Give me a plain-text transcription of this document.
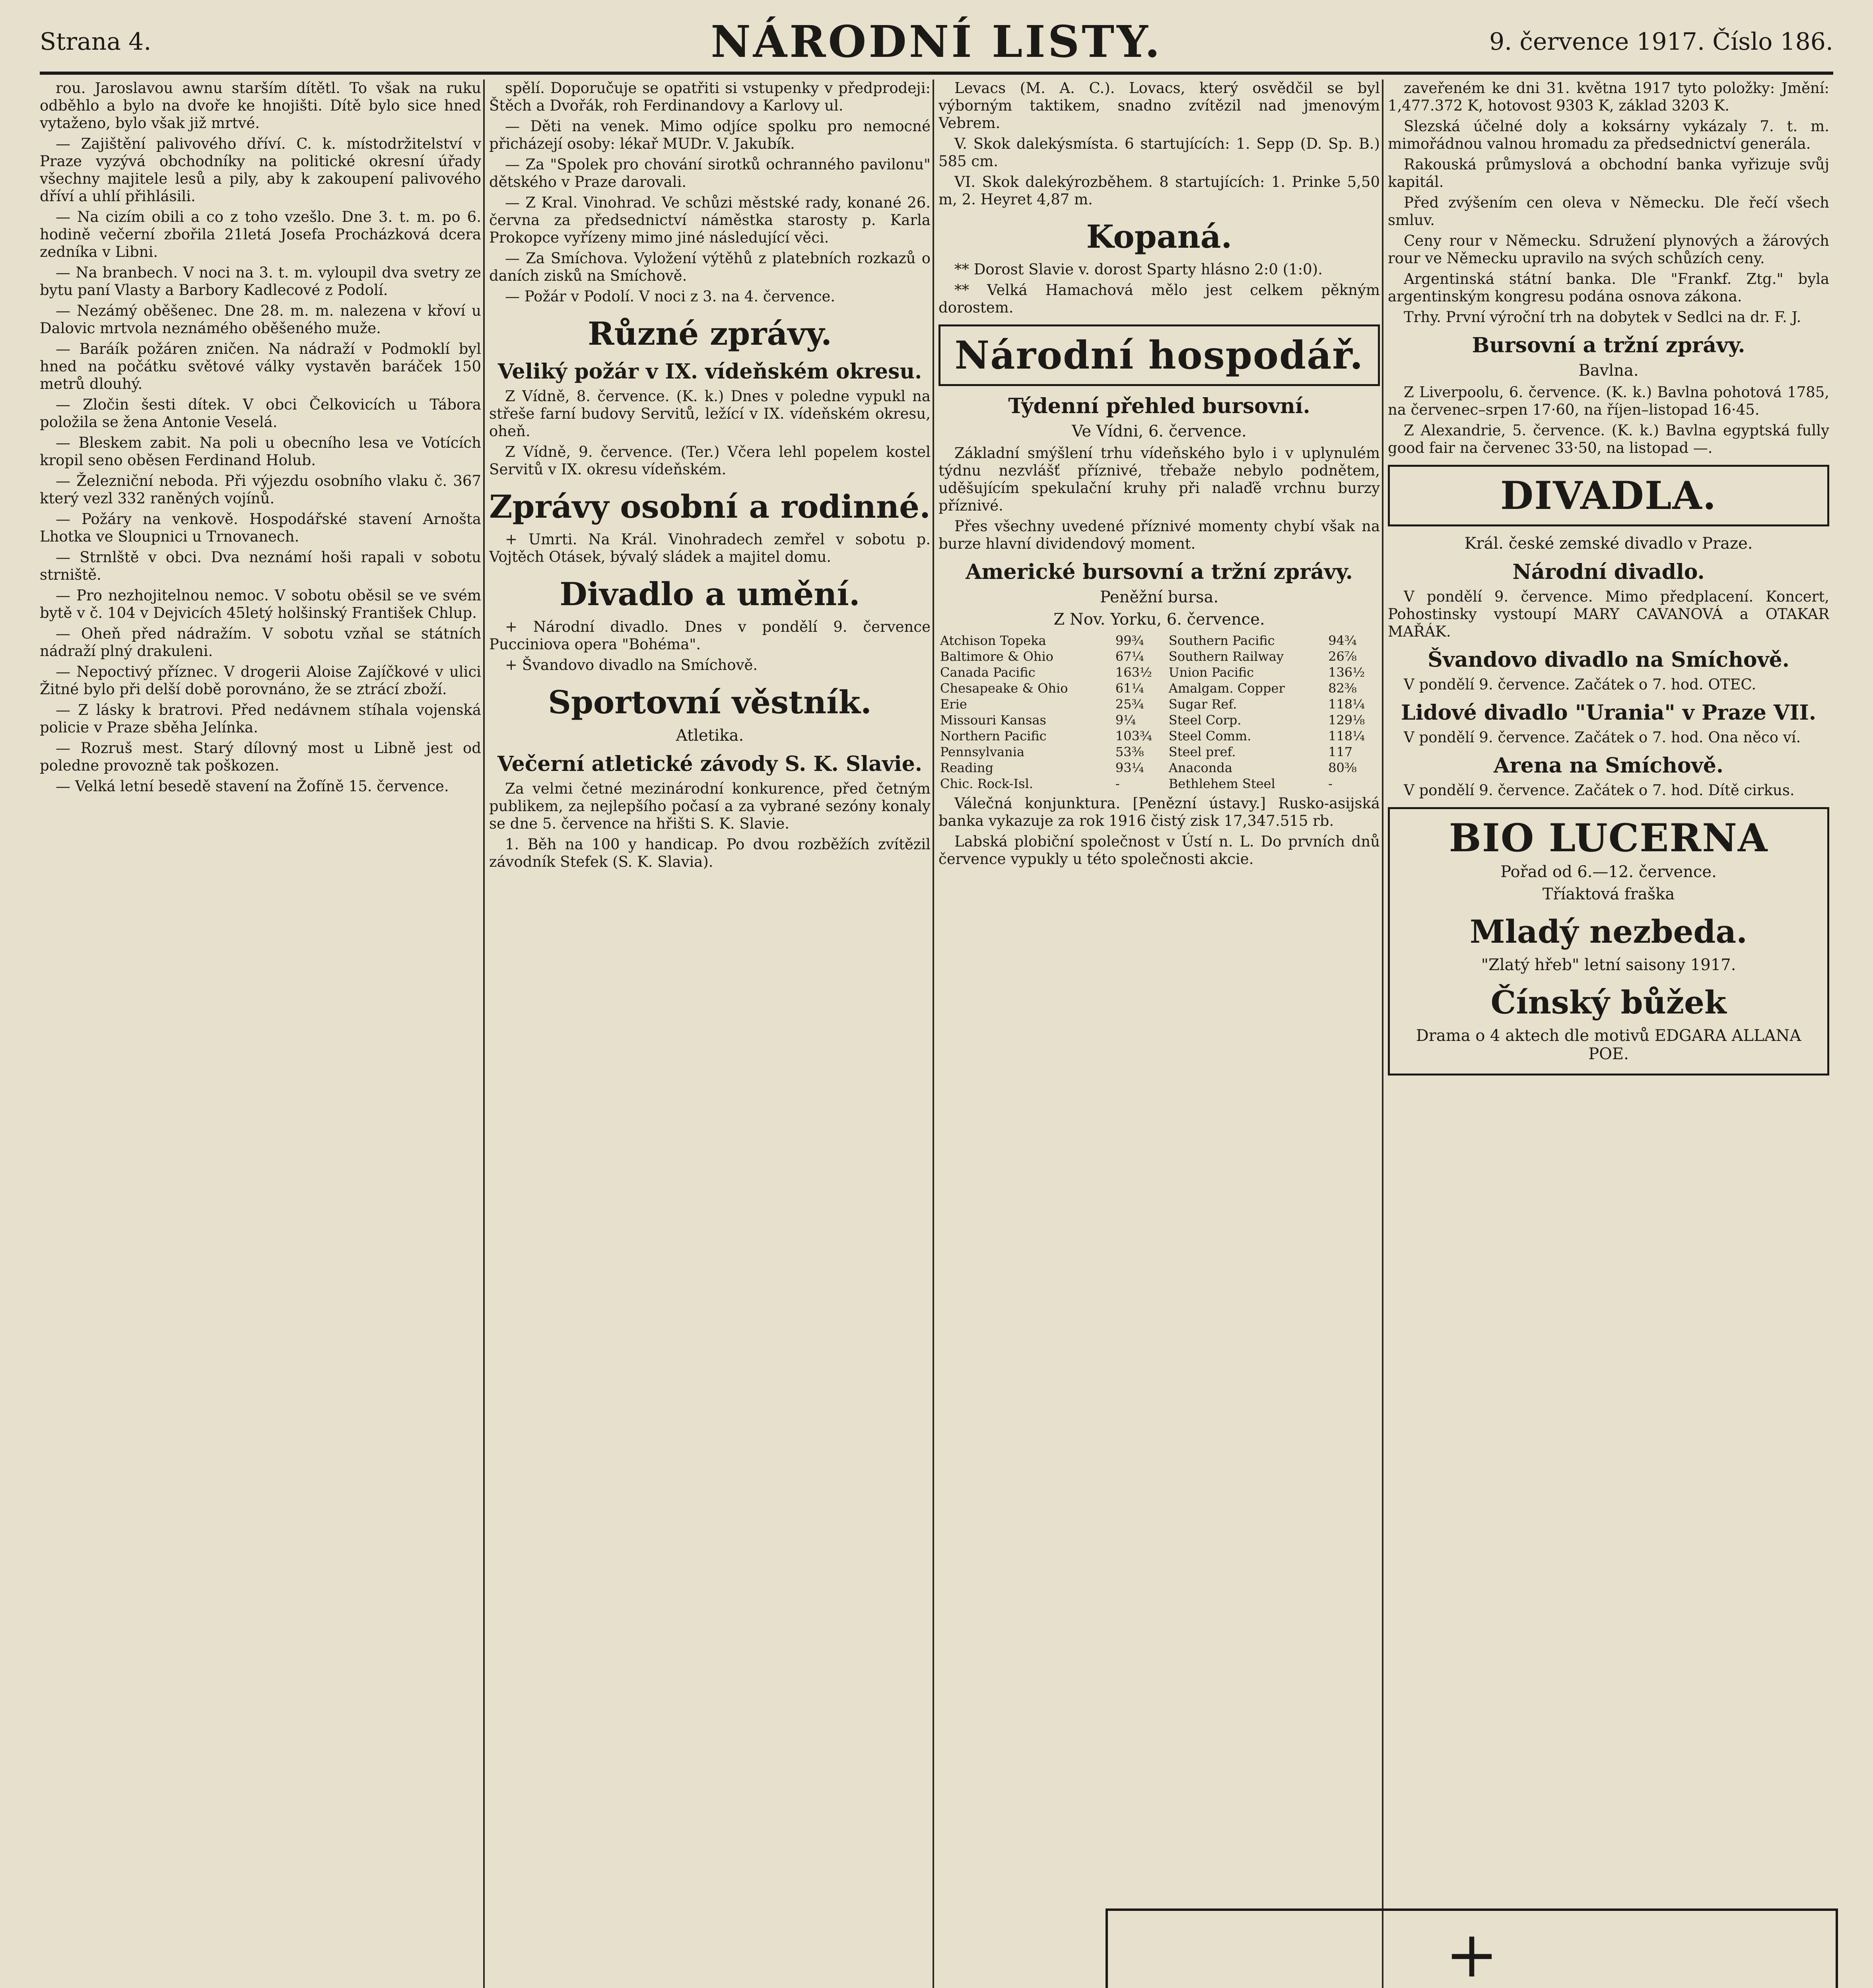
Strana 4.	NÁRODNÍ LISTY.	9. července 1917. Číslo 186.

rou. Jaroslavou awnu starším dítětl. To však na ruku odběhlo a bylo na dvoře ke hnojišti. Dítě bylo sice hned vytaženo, bylo však již mrtvé.

— Zajištění palivového dříví. C. k. místodržitelství v Praze vyzývá obchodníky na politické okresní úřady všechny majitele lesů a pily, aby k zakoupení palivového dříví a uhlí přihlásili.

— Na cizím obili a co z toho vzešlo. Dne 3. t. m. po 6. hodině večerní zbořila 21letá Josefa Procházková dcera zedníka v Libni.

— Na branbech. V noci na 3. t. m. vyloupil dva svetry ze bytu paní Vlasty a Barbory Kadlecové z Podolí.

— Nezámý oběšenec. Dne 28. m. m. nalezena v křoví u Dalovic mrtvola neznámého oběšeného muže.

— Baráík požáren zničen. Na nádraží v Podmoklí byl hned na počátku světové války vystavěn baráček 150 metrů dlouhý.

— Zločin šesti dítek. V obci Čelkovicích u Tábora položila se žena Antonie Veselá.

— Bleskem zabit. Na poli u obecního lesa ve Votících kropil seno oběsen Ferdinand Holub.

— Železniční neboda. Při výjezdu osobního vlaku č. 367 který vezl 332 raněných vojínů.

— Požáry na venkově. Hospodářské stavení Arnošta Lhotka ve Sloupnici u Trnovanech.

— Strnlště v obci. Dva neznámí hoši rapali v sobotu strniště.

— Pro nezhojitelnou nemoc. V sobotu oběsil se ve svém bytě v č. 104 v Dejvicích 45letý holšinský František Chlup.

— Oheň před nádražím. V sobotu vzňal se státních nádraží plný drakuleni.

— Nepoctivý příznec. V drogerii Aloise Zajíčkové v ulici Žitné bylo při delší době porovnáno, že se ztrácí zboží.

— Z lásky k bratrovi. Před nedávnem stíhala vojenská policie v Praze sběha Jelínka.

— Rozruš mest. Starý dílovný most u Libně jest od poledne provozně tak poškozen.

— Velká letní besedě stavení na Žofíně 15. července.

spělí. Doporučuje se opatřiti si vstupenky v předprodeji: Štěch a Dvořák, roh Ferdinandovy a Karlovy ul.

— Děti na venek. Mimo odjíce spolku pro nemocné přicházejí osoby: lékař MUDr. V. Jakubík.

— Za "Spolek pro chování sirotků ochranného pavilonu" dětského v Praze darovali.

— Z Kral. Vinohrad. Ve schůzi městské rady, konané 26. června za předsednictví náměstka starosty p. Karla Prokopce vyřízeny mimo jiné následující věci.

— Za Smíchova. Vyložení výtěhů z platebních rozkazů o daních zisků na Smíchově.

— Požár v Podolí. V noci z 3. na 4. července.

Různé zprávy.
Veliký požár v IX. vídeňském okresu.

Z Vídně, 8. července. (K. k.) Dnes v poledne vypukl na střeše farní budovy Servitů, ležící v IX. vídeňském okresu, oheň.

Z Vídně, 9. července. (Ter.) Včera lehl popelem kostel Servitů v IX. okresu vídeňském.

Zprávy osobní a rodinné.

+ Umrti. Na Král. Vinohradech zemřel v sobotu p. Vojtěch Otásek, bývalý sládek a majitel domu.

Divadlo a umění.

+ Národní divadlo. Dnes v pondělí 9. července Pucciniova opera "Bohéma".

+ Švandovo divadlo na Smíchově.

Sportovní věstník.
Atletika.
Večerní atletické závody S. K. Slavie.

Za velmi četné mezinárodní konkurence, před četným publikem, za nejlepšího počasí a za vybrané sezóny konaly se dne 5. července na hřišti S. K. Slavie.

1. Běh na 100 y handicap. Po dvou rozběžích zvítězil závodník Stefek (S. K. Slavia).

Levacs (M. A. C.). Lovacs, který osvědčil se byl výborným taktikem, snadno zvítězil nad jmenovým Vebrem.

V. Skok dalekýsmísta. 6 startujících: 1. Sepp (D. Sp. B.) 585 cm.

VI. Skok dalekýrozběhem. 8 startujících: 1. Prinke 5,50 m, 2. Heyret 4,87 m.

Kopaná.

** Dorost Slavie v. dorost Sparty hlásno 2:0 (1:0).

** Velká Hamachová mělo jest celkem pěkným dorostem.

Národní hospodář.
Týdenní přehled bursovní.
Ve Vídni, 6. července.

Základní smýšlení trhu vídeňského bylo i v uplynulém týdnu nezvlášť příznivé, třebaže nebylo podnětem, uděšujícím spekulační kruhy při nalaďě vrchnu burzy příznivé.

Přes všechny uvedené příznivé momenty chybí však na burze hlavní dividendový moment.

Americké bursovní a tržní zprávy.
Peněžní bursa.
Z Nov. Yorku, 6. července.
Atchison Topeka	99¾	Southern Pacific	94¾
Baltimore & Ohio	67¼	Southern Railway	26⅞
Canada Pacific	163½	Union Pacific	136½
Chesapeake & Ohio	61¼	Amalgam. Copper	82⅜
Erie	25¾	Sugar Ref.	118¼
Missouri Kansas	9¼	Steel Corp.	129⅛
Northern Pacific	103¾	Steel Comm.	118¼
Pennsylvania	53⅜	Steel pref.	117
Reading	93¼	Anaconda	80⅜
Chic. Rock-Isl.	-	Bethlehem Steel	-

Válečná konjunktura. [Penězní ústavy.] Rusko-asijská banka vykazuje za rok 1916 čistý zisk 17,347.515 rb.

Labská plobiční společnost v Ústí n. L. Do prvních dnů července vypukly u této společnosti akcie.

zaveřeném ke dni 31. května 1917 tyto položky: Jmění: 1,477.372 K, hotovost 9303 K, základ 3203 K.

Slezská účelné doly a koksárny vykázaly 7. t. m. mimořádnou valnou hromadu za předsednictví generála.

Rakouská průmyslová a obchodní banka vyřizuje svůj kapitál.

Před zvýšením cen oleva v Německu. Dle řečí všech smluv.

Ceny rour v Německu. Sdružení plynových a žárových rour ve Německu upravilo na svých schůzích ceny.

Argentinská státní banka. Dle "Frankf. Ztg." byla argentinským kongresu podána osnova zákona.

Trhy. První výroční trh na dobytek v Sedlci na dr. F. J.

Bursovní a tržní zprávy.
Bavlna.

Z Liverpoolu, 6. července. (K. k.) Bavlna pohotová 1785, na červenec–srpen 17·60, na říjen–listopad 16·45.

Z Alexandrie, 5. července. (K. k.) Bavlna egyptská fully good fair na červenec 33·50, na listopad —.

DIVADLA.
Král. české zemské divadlo v Praze.
Národní divadlo.

V pondělí 9. července. Mimo předplacení. Koncert, Pohostinsky vystoupí MARY CAVANOVÁ a OTAKAR MAŘÁK.

Švandovo divadlo na Smíchově.

V pondělí 9. července. Začátek o 7. hod. OTEC.

Lidové divadlo "Urania" v Praze VII.

V pondělí 9. července. Začátek o 7. hod. Ona něco ví.

Arena na Smíchově.

V pondělí 9. července. Začátek o 7. hod. Dítě cirkus.

BIO LUCERNA
Pořad od 6.—12. července.
Tříaktová fraška
Mladý nezbeda.
"Zlatý hřeb" letní saisony 1917.
Čínský bůžek
Drama o 4 aktech dle motivů EDGARA ALLANA POE.
+
